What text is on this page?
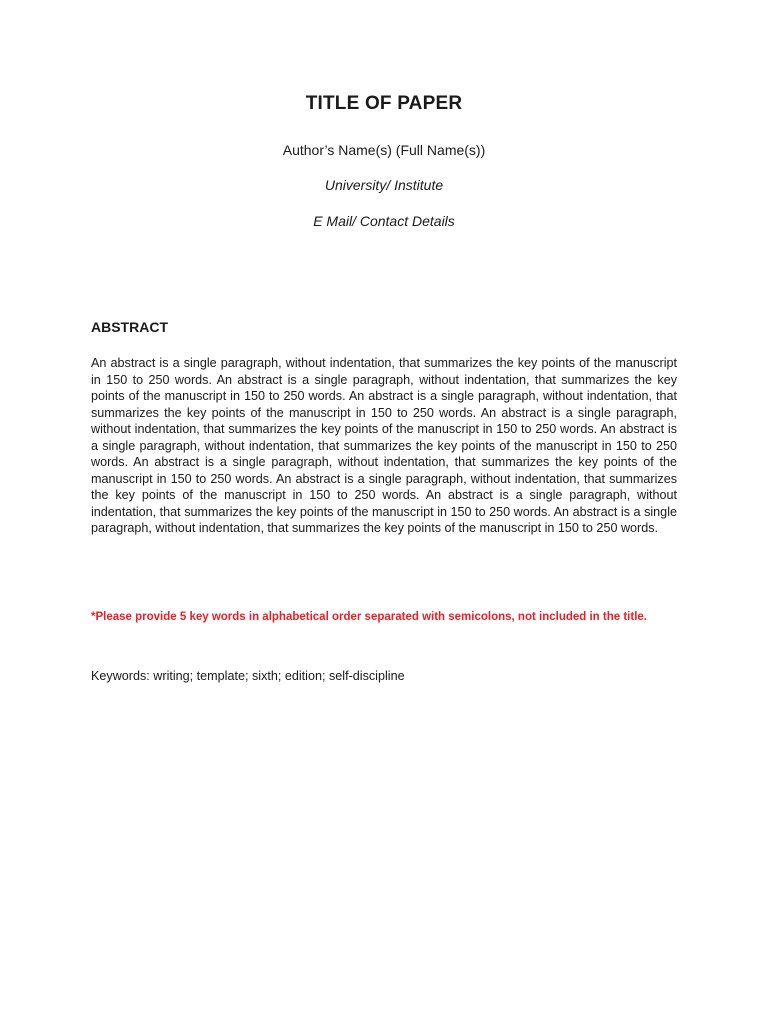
TITLE OF PAPER
Author’s Name(s) (Full Name(s))
University/ Institute
E Mail/ Contact Details
ABSTRACT
An abstract is a single paragraph, without indentation, that summarizes the key points of the manuscript in 150 to 250 words. An abstract is a single paragraph, without indentation, that summarizes the key points of the manuscript in 150 to 250 words. An abstract is a single paragraph, without indentation, that summarizes the key points of the manuscript in 150 to 250 words. An abstract is a single paragraph, without indentation, that summarizes the key points of the manuscript in 150 to 250 words. An abstract is a single paragraph, without indentation, that summarizes the key points of the manuscript in 150 to 250 words. An abstract is a single paragraph, without indentation, that summarizes the key points of the manuscript in 150 to 250 words. An abstract is a single paragraph, without indentation, that summarizes the key points of the manuscript in 150 to 250 words. An abstract is a single paragraph, without indentation, that summarizes the key points of the manuscript in 150 to 250 words. An abstract is a single paragraph, without indentation, that summarizes the key points of the manuscript in 150 to 250 words.
*Please provide 5 key words in alphabetical order separated with semicolons, not included in the title.
Keywords: writing; template; sixth; edition; self-discipline
